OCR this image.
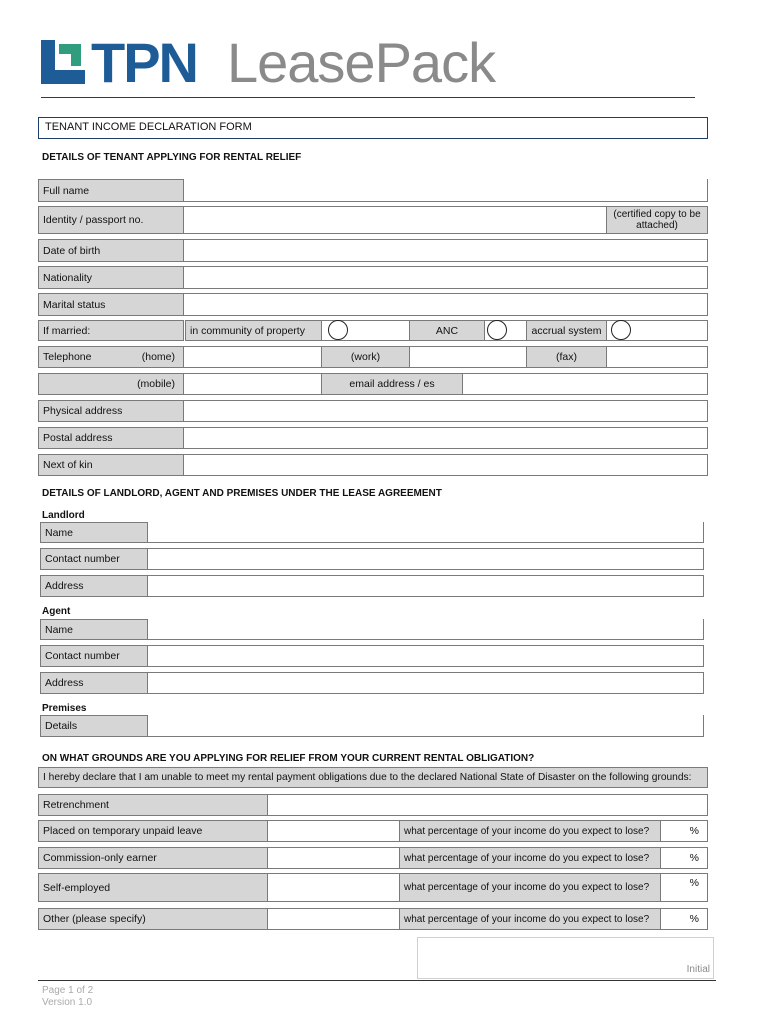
TPN LeasePack
TENANT INCOME DECLARATION FORM
DETAILS OF TENANT APPLYING FOR RENTAL RELIEF
Full name
Identity / passport no.	(certified copy to be attached)
Date of birth
Nationality
Marital status
If married:	in community of property	ANC	accrual system
Telephone	(home)	(work)	(fax)
(mobile)	email address / es
Physical address
Postal address
Next of kin
DETAILS OF LANDLORD, AGENT AND PREMISES UNDER THE LEASE AGREEMENT
Landlord
Name
Contact number
Address
Agent
Name
Contact number
Address
Premises
Details
ON WHAT GROUNDS ARE YOU APPLYING FOR RELIEF FROM YOUR CURRENT RENTAL OBLIGATION?
I hereby declare that I am unable to meet my rental payment obligations due to the declared National State of Disaster on the following grounds:
Retrenchment
Placed on temporary unpaid leave	what percentage of your income do you expect to lose?	%
Commission-only earner	what percentage of your income do you expect to lose?	%
Self-employed	what percentage of your income do you expect to lose?	%
Other (please specify)	what percentage of your income do you expect to lose?	%
Initial
Page 1 of 2
Version 1.0
